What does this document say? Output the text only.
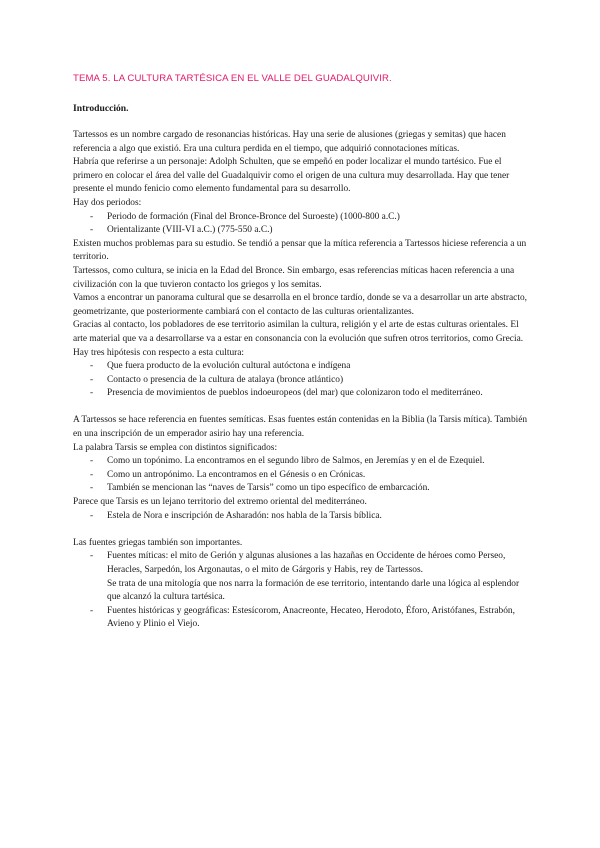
TEMA 5. LA CULTURA TARTÉSICA EN EL VALLE DEL GUADALQUIVIR.
Introducción.

Tartessos es un nombre cargado de resonancias históricas. Hay una serie de alusiones (griegas y semitas) que hacen referencia a algo que existió. Era una cultura perdida en el tiempo, que adquirió connotaciones míticas.

Habría que referirse a un personaje: Adolph Schulten, que se empeñó en poder localizar el mundo tartésico. Fue el primero en colocar el área del valle del Guadalquivir como el origen de una cultura muy desarrollada. Hay que tener presente el mundo fenicio como elemento fundamental para su desarrollo.

Hay dos periodos:

- Periodo de formación (Final del Bronce-Bronce del Suroeste) (1000-800 a.C.)
- Orientalizante (VIII-VI a.C.) (775-550 a.C.)

Existen muchos problemas para su estudio. Se tendió a pensar que la mítica referencia a Tartessos hiciese referencia a un territorio.

Tartessos, como cultura, se inicia en la Edad del Bronce. Sin embargo, esas referencias míticas hacen referencia a una civilización con la que tuvieron contacto los griegos y los semitas.

Vamos a encontrar un panorama cultural que se desarrolla en el bronce tardío, donde se va a desarrollar un arte abstracto, geometrizante, que posteriormente cambiará con el contacto de las culturas orientalizantes.

Gracias al contacto, los pobladores de ese territorio asimilan la cultura, religión y el arte de estas culturas orientales. El arte material que va a desarrollarse va a estar en consonancia con la evolución que sufren otros territorios, como Grecia.

Hay tres hipótesis con respecto a esta cultura:

- Que fuera producto de la evolución cultural autóctona e indígena
- Contacto o presencia de la cultura de atalaya (bronce atlántico)
- Presencia de movimientos de pueblos indoeuropeos (del mar) que colonizaron todo el mediterráneo.

A Tartessos se hace referencia en fuentes semíticas. Esas fuentes están contenidas en la Biblia (la Tarsis mítica). También en una inscripción de un emperador asirio hay una referencia.

La palabra Tarsis se emplea con distintos significados:

- Como un topónimo. La encontramos en el segundo libro de Salmos, en Jeremías y en el de Ezequiel.
- Como un antropónimo. La encontramos en el Génesis o en Crónicas.
- También se mencionan las “naves de Tarsis” como un tipo específico de embarcación.

Parece que Tarsis es un lejano territorio del extremo oriental del mediterráneo.

- Estela de Nora e inscripción de Asharadón: nos habla de la Tarsis bíblica.

Las fuentes griegas también son importantes.

- Fuentes míticas: el mito de Gerión y algunas alusiones a las hazañas en Occidente de héroes como Perseo, Heracles, Sarpedón, los Argonautas, o el mito de Gárgoris y Habis, rey de Tartessos.

Se trata de una mitología que nos narra la formación de ese territorio, intentando darle una lógica al esplendor que alcanzó la cultura tartésica.

- Fuentes históricas y geográficas: Estesícorom, Anacreonte, Hecateo, Herodoto, Éforo, Aristófanes, Estrabón, Avieno y Plinio el Viejo.
